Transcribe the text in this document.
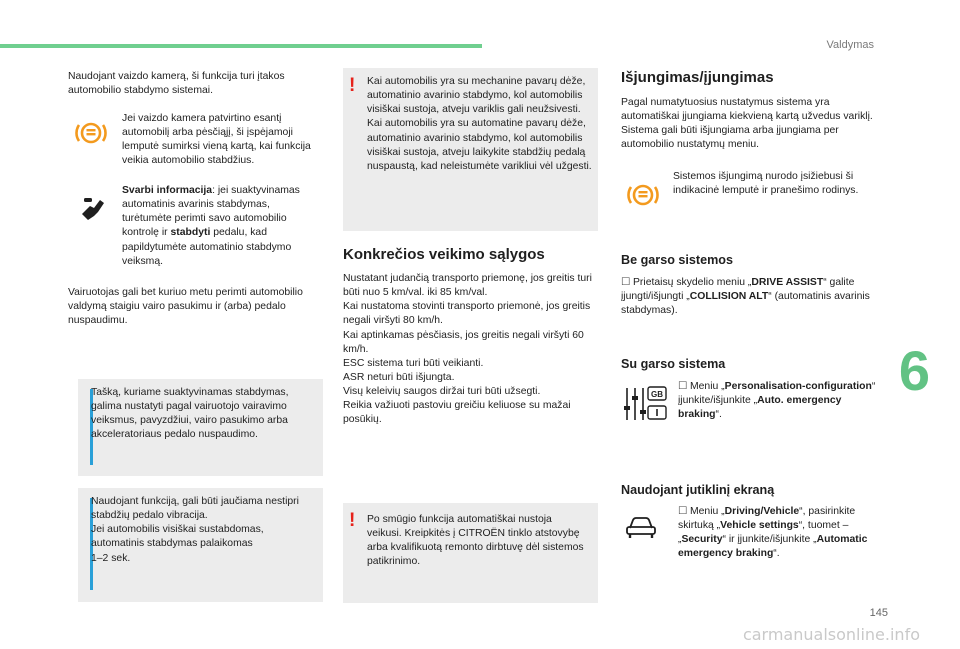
Valdymas

Naudojant vaizdo kamerą, ši funkcija turi įtakos automobilio stabdymo sistemai.

Jei vaizdo kamera patvirtino esantį automobilį arba pėsčiąjį, ši įspėjamoji lemputė sumirksi vieną kartą, kai funkcija veikia automobilio stabdžius.

Svarbi informacija: jei suaktyvinamas automatinis avarinis stabdymas, turėtumėte perimti savo automobilio kontrolę ir stabdyti pedalu, kad papildytumėte automatinio stabdymo veiksmą.

Vairuotojas gali bet kuriuo metu perimti automobilio valdymą staigiu vairo pasukimu ir (arba) pedalo nuspaudimu.

Tašką, kuriame suaktyvinamas stabdymas, galima nustatyti pagal vairuotojo vairavimo veiksmus, pavyzdžiui, vairo pasukimo arba akceleratoriaus pedalo nuspaudimo.

Naudojant funkciją, gali būti jaučiama nestipri stabdžių pedalo vibracija.
Jei automobilis visiškai sustabdomas, automatinis stabdymas palaikomas
1–2 sek.

! Kai automobilis yra su mechanine pavarų dėže, automatinio avarinio stabdymo, kol automobilis visiškai sustoja, atveju variklis gali neužsivesti.
Kai automobilis yra su automatine pavarų dėže, automatinio avarinio stabdymo, kol automobilis visiškai sustoja, atveju laikykite stabdžių pedalą nuspaustą, kad neleistumėte varikliui vėl užgesti.

Konkrečios veikimo sąlygos

Nustatant judančią transporto priemonę, jos greitis turi būti nuo 5 km/val. iki 85 km/val.
Kai nustatoma stovinti transporto priemonė, jos greitis negali viršyti 80 km/h.
Kai aptinkamas pėsčiasis, jos greitis negali viršyti 60 km/h.
ESC sistema turi būti veikianti.
ASR neturi būti išjungta.
Visų keleivių saugos diržai turi būti užsegti.
Reikia važiuoti pastoviu greičiu keliuose su mažai posūkių.

! Po smūgio funkcija automatiškai nustoja veikusi. Kreipkitės į CITROËN tinklo atstovybę arba kvalifikuotą remonto dirbtuvę dėl sistemos patikrinimo.

Išjungimas/įjungimas

Pagal numatytuosius nustatymus sistema yra automatiškai įjungiama kiekvieną kartą užvedus variklį.
Sistema gali būti išjungiama arba įjungiama per automobilio nustatymų meniu.

Sistemos išjungimą nurodo įsižiebusi ši indikacinė lemputė ir pranešimo rodinys.

Be garso sistemos

☐ Prietaisų skydelio meniu „DRIVE ASSIST“ galite įjungti/išjungti „COLLISION ALT“ (automatinis avarinis stabdymas).

Su garso sistema
GB

☐ Meniu „Personalisation-configuration“ įjunkite/išjunkite „Auto. emergency braking“.

Naudojant jutiklinį ekraną

☐ Meniu „Driving/Vehicle“, pasirinkite skirtuką „Vehicle settings“, tuomet – „Security“ ir įjunkite/išjunkite „Automatic emergency braking“.

6
145
carmanualsonline.info
